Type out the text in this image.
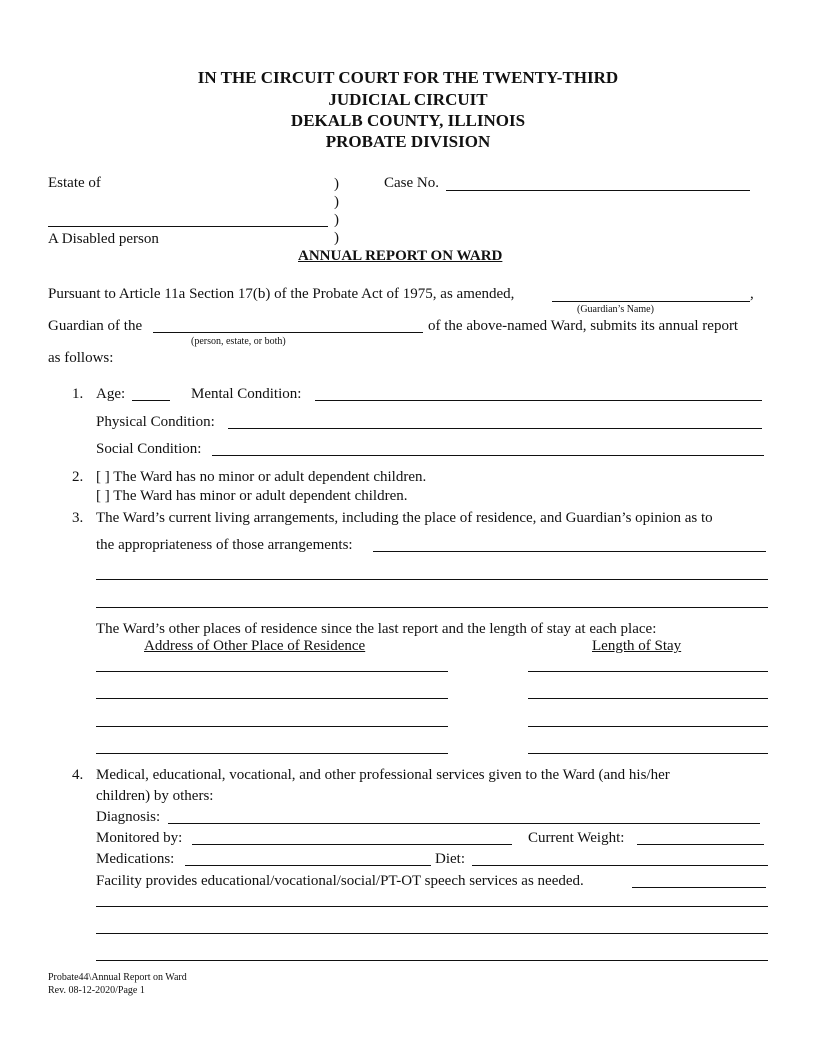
IN THE CIRCUIT COURT FOR THE TWENTY-THIRD
JUDICIAL CIRCUIT
DEKALB COUNTY, ILLINOIS
PROBATE DIVISION
Estate of	)
)
)
)
Case No.
A Disabled person
ANNUAL REPORT ON WARD
Pursuant to Article 11a Section 17(b) of the Probate Act of 1975, as amended,	,
(Guardian’s Name)
Guardian of the	of the above-named Ward, submits its annual report
(person, estate, or both)
as follows:
1. Age:	Mental Condition:
Physical Condition:
Social Condition:
2. [ ] The Ward has no minor or adult dependent children.
[ ] The Ward has minor or adult dependent children.
3. The Ward’s current living arrangements, including the place of residence, and Guardian’s opinion as to
the appropriateness of those arrangements:
The Ward’s other places of residence since the last report and the length of stay at each place:
Address of Other Place of Residence	Length of Stay
4. Medical, educational, vocational, and other professional services given to the Ward (and his/her
children) by others:
Diagnosis:
Monitored by:	Current Weight:
Medications:	Diet:
Facility provides educational/vocational/social/PT-OT speech services as needed.
Probate44\Annual Report on Ward
Rev. 08-12-2020/Page 1
